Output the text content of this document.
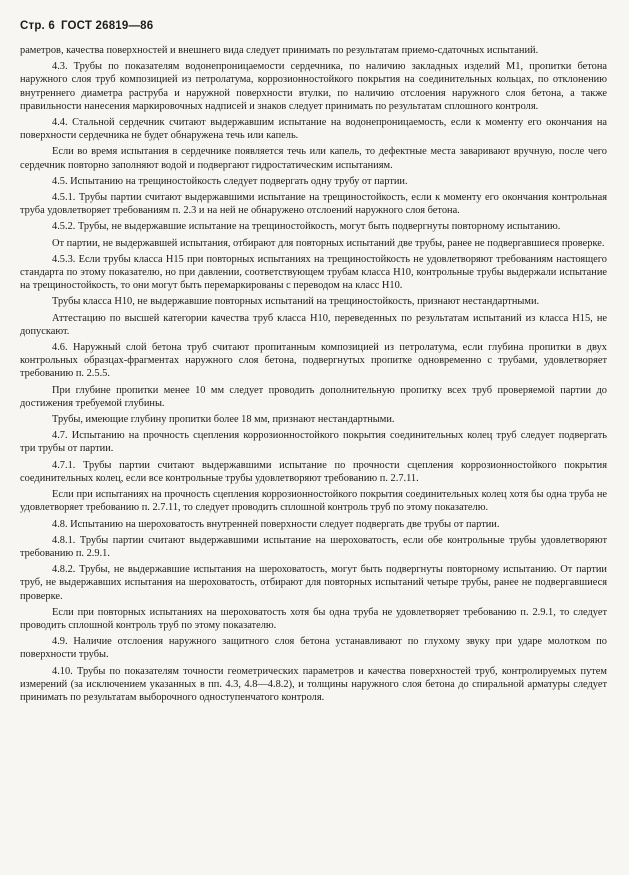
Стр. 6 ГОСТ 26819—86

раметров, качества поверхностей и внешнего вида следует принимать по результатам приемо-сдаточных испытаний.

4.3. Трубы по показателям водонепроницаемости сердечника, по наличию закладных изделий М1, пропитки бетона наружного слоя труб композицией из петролатума, коррозионностойкого покрытия на соединительных кольцах, по отклонению внутреннего диаметра раструба и наружной поверхности втулки, по наличию отслоения наружного слоя бетона, а также правильности нанесения маркировочных надписей и знаков следует принимать по результатам сплошного контроля.

4.4. Стальной сердечник считают выдержавшим испытание на водонепроницаемость, если к моменту его окончания на поверхности сердечника не будет обнаружена течь или капель.

Если во время испытания в сердечнике появляется течь или капель, то дефектные места заваривают вручную, после чего сердечник повторно заполняют водой и подвергают гидростатическим испытаниям.

4.5. Испытанию на трещиностойкость следует подвергать одну трубу от партии.

4.5.1. Трубы партии считают выдержавшими испытание на трещиностойкость, если к моменту его окончания контрольная труба удовлетворяет требованиям п. 2.3 и на ней не обнаружено отслоений наружного слоя бетона.

4.5.2. Трубы, не выдержавшие испытание на трещиностойкость, могут быть подвергнуты повторному испытанию.

От партии, не выдержавшей испытания, отбирают для повторных испытаний две трубы, ранее не подвергавшиеся проверке.

4.5.3. Если трубы класса Н15 при повторных испытаниях на трещиностойкость не удовлетворяют требованиям настоящего стандарта по этому показателю, но при давлении, соответствующем трубам класса Н10, контрольные трубы выдержали испытание на трещиностойкость, то они могут быть перемаркированы с переводом на класс Н10.

Трубы класса Н10, не выдержавшие повторных испытаний на трещиностойкость, признают нестандартными.

Аттестацию по высшей категории качества труб класса Н10, переведенных по результатам испытаний из класса Н15, не допускают.

4.6. Наружный слой бетона труб считают пропитанным композицией из петролатума, если глубина пропитки в двух контрольных образцах-фрагментах наружного слоя бетона, подвергнутых пропитке одновременно с трубами, удовлетворяет требованию п. 2.5.5.

При глубине пропитки менее 10 мм следует проводить дополнительную пропитку всех труб проверяемой партии до достижения требуемой глубины.

Трубы, имеющие глубину пропитки более 18 мм, признают нестандартными.

4.7. Испытанию на прочность сцепления коррозионностойкого покрытия соединительных колец труб следует подвергать три трубы от партии.

4.7.1. Трубы партии считают выдержавшими испытание по прочности сцепления коррозионностойкого покрытия соединительных колец, если все контрольные трубы удовлетворяют требованию п. 2.7.11.

Если при испытаниях на прочность сцепления коррозионностойкого покрытия соединительных колец хотя бы одна труба не удовлетворяет требованию п. 2.7.11, то следует проводить сплошной контроль труб по этому показателю.

4.8. Испытанию на шероховатость внутренней поверхности следует подвергать две трубы от партии.

4.8.1. Трубы партии считают выдержавшими испытание на шероховатость, если обе контрольные трубы удовлетворяют требованию п. 2.9.1.

4.8.2. Трубы, не выдержавшие испытания на шероховатость, могут быть подвергнуты повторному испытанию. От партии труб, не выдержавших испытания на шероховатость, отбирают для повторных испытаний четыре трубы, ранее не подвергавшиеся проверке.

Если при повторных испытаниях на шероховатость хотя бы одна труба не удовлетворяет требованию п. 2.9.1, то следует проводить сплошной контроль труб по этому показателю.

4.9. Наличие отслоения наружного защитного слоя бетона устанавливают по глухому звуку при ударе молотком по поверхности трубы.

4.10. Трубы по показателям точности геометрических параметров и качества поверхностей труб, контролируемых путем измерений (за исключением указанных в пп. 4.3, 4.8—4.8.2), и толщины наружного слоя бетона до спиральной арматуры следует принимать по результатам выборочного одноступенчатого контроля.
